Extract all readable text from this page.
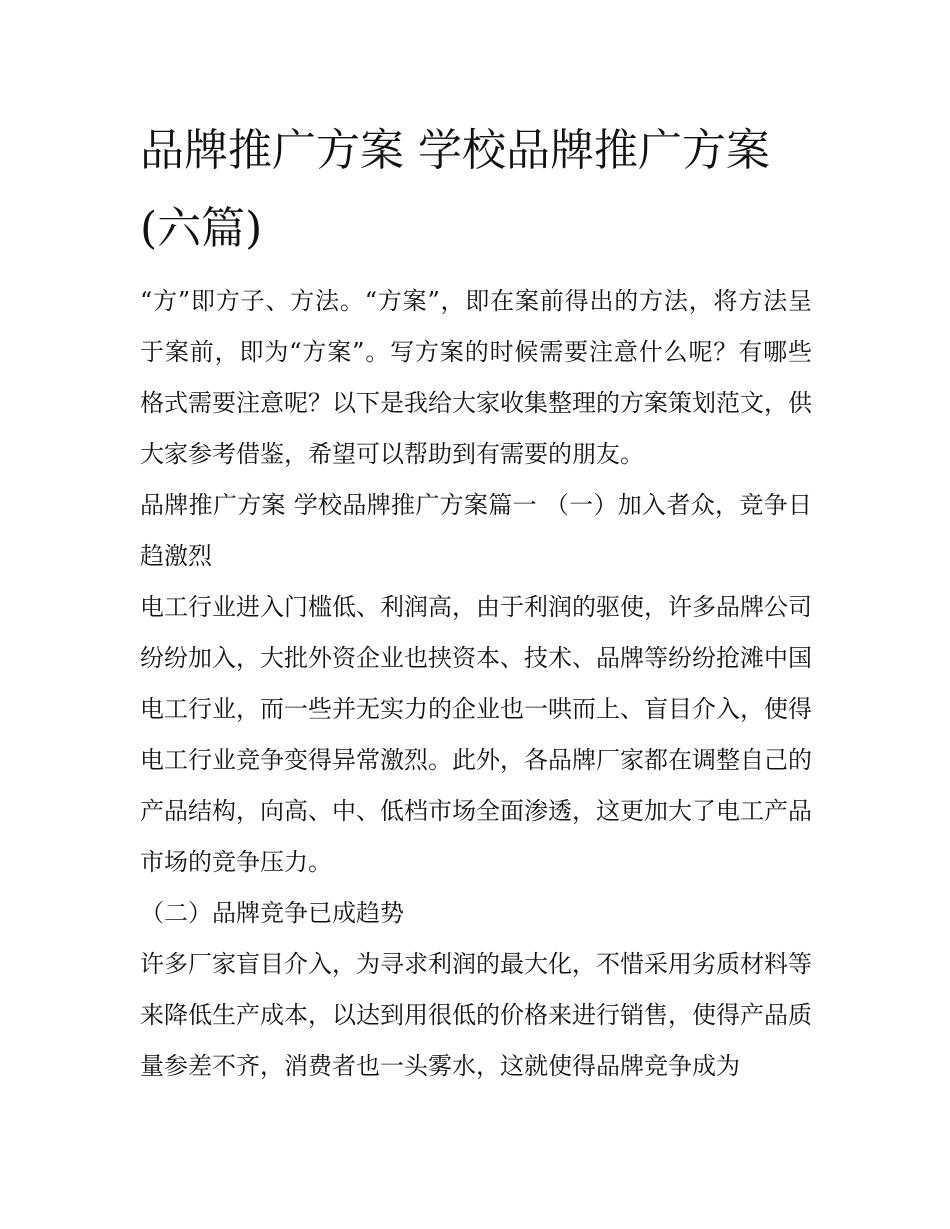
品牌推广方案 学校品牌推广方案(六篇)

“方”即方子、方法。“方案”，即在案前得出的方法，将方法呈于案前，即为“方案”。写方案的时候需要注意什么呢？有哪些格式需要注意呢？以下是我给大家收集整理的方案策划范文，供大家参考借鉴，希望可以帮助到有需要的朋友。

品牌推广方案 学校品牌推广方案篇一 （一）加入者众，竞争日趋激烈

电工行业进入门槛低、利润高，由于利润的驱使，许多品牌公司纷纷加入，大批外资企业也挟资本、技术、品牌等纷纷抢滩中国电工行业，而一些并无实力的企业也一哄而上、盲目介入，使得电工行业竞争变得异常激烈。此外，各品牌厂家都在调整自己的产品结构，向高、中、低档市场全面渗透，这更加大了电工产品市场的竞争压力。

（二）品牌竞争已成趋势

许多厂家盲目介入，为寻求利润的最大化，不惜采用劣质材料等来降低生产成本，以达到用很低的价格来进行销售，使得产品质量参差不齐，消费者也一头雾水，这就使得品牌竞争成为
